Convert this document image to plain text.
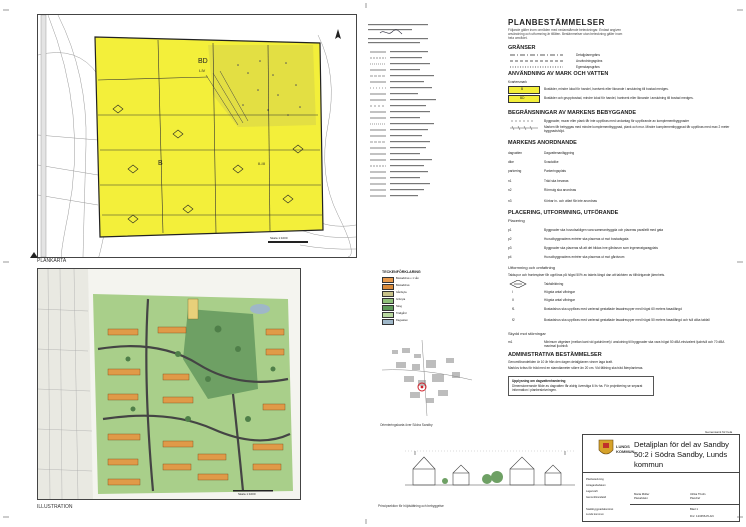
BD
I-IV
B	II-III
Skala 1:1000
PLANKARTA

PLANBESTÄMMELSER
Följande gäller inom områden med nedanstående beteckningar. Endast angiven användning och utformning är tillåten. Bestämmelser utan beteckning gäller inom hela området.
GRÄNSER
Detaljplanegräns
Användningsgräns
Egenskapsgräns
ANVÄNDNING AV MARK OCH VATTEN
Kvartersmark
B	Bostäder, mindre lokal för handel, hantverk eller liknande i anslutning till bostad medges.
BD	Bostäder och gruppbostad, mindre lokal för handel, hantverk eller liknande i anslutning till bostad medges.
BEGRÄNSNINGAR AV MARKENS BEBYGGANDE
Byggnader, murar eller plank får inte uppföras med undantag för uppförande av komplementbyggnader
Marken får bebyggas med mindre komplementbyggnad, plank och mur. Mindre komplementbyggnad får uppföras med max 2 meter byggnadshöjd.
MARKENS ANORDNANDE
dagvatten	Dagvattenanläggning
dike	Svackdike
parkering	Parkeringsplats
n1	Träd ska bevaras
n2	Rörmuig ska anordnas
n3	Körbar in- och utfart får inte anordnas
PLACERING, UTFORMNING, UTFÖRANDE
Placering
p1	Byggnader ska huvudsakligen vara sammanbyggda och placeras parallellt med gata
p2	Huvudbyggnadens entréer ska placeras ut mot bostadsgata
p3	Byggnader ska placeras så att det bildas inre gårdsrum som ingeneratgaragplats
p4	Huvudbyggnadens entréer ska placeras ut mot gårdsrum
Utformning och omfattning
Takkupor och frontespiser får uppföras på högst 50% av takets längd dan att takfoten av tillhörigande jämnhets.
Takfallriktning
I	Högsta antal våningar
II	Högsta antal våningar
f1	Bostadshus ska uppföras med varierad gestaltade fasadreupper med högst 60 meters fasadlängd
f2	Bostadshus ska uppföras med varierad gestaltade fasadreupper med högst 50 meters fasadlängd och två olika takfall
Skydd mot störningar
m1	Minimum vägetare (mellan kant vid gatuhörnet) i anslutning till byggnader ska vara högst 50 dBA ekvivalent ljudnivå och 70 dBA maximal ljudnivå
ADMINISTRATIVA BESTÄMMELSER
Genomförandetiden är 10 år från den dagen detaljplanen vinner laga kraft.
Marklov krävs för träd med en stamdiameter större än 20 cm. Vid fällning ska träd återplanteras.
Upplysning om dagvattenhantering
Dimensionerande flöde av dagvatten får aldrig överstiga 6 l/s·ha. För projektering se separat information i planbeskrivningen.
Skala 1:1000
ILLUSTRATION
TECKENFÖRKLARING
Bostadshus ≤ 1 vån
Bostadshus
Gårdsyta
Grönyta
Skog
Trädgård
Dagvatten
Orienteringskarta över Södra Sandby
Principsektion för höjdsättning och bebyggelse
Gemensamt för hela
LUNDS KOMMUN
Detaljplan för del av Sandby 50:2 i Södra Sandby, Lunds kommun
Planbeteckning
Antagandedatum
Laga kraft
Genomförandetid
Stadsbyggnadskontoret
Lunds kommun
Maria Möller
Planarkitekt
Ulrika Thulin
Planchef
Blad 1
Dnr: 123456-PLAN
